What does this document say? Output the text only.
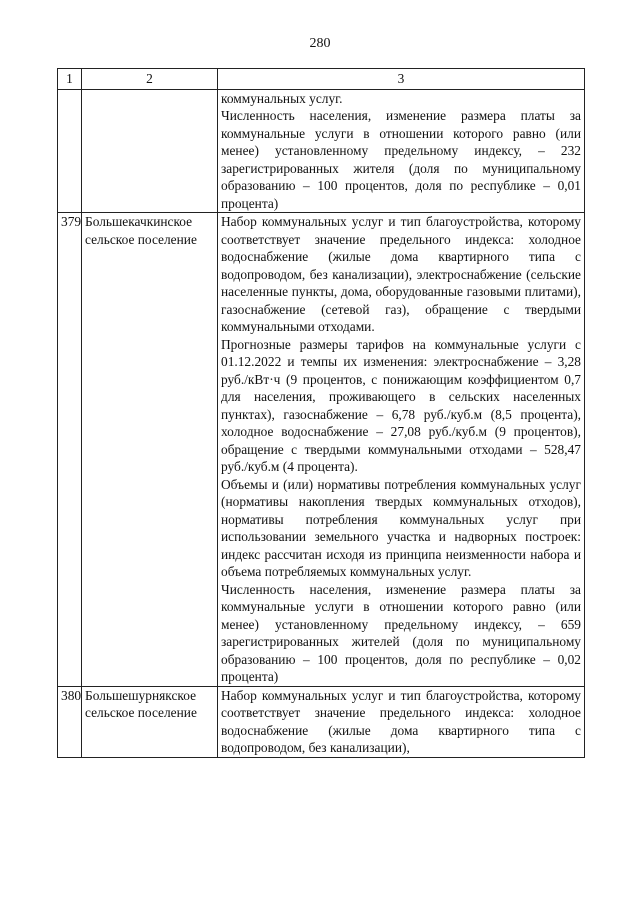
280
1	2	3

		коммунальных услуг.

Численность населения, изменение размера платы за коммунальные услуги в отношении которого равно (или менее) установленному предельному индексу, – 232 зарегистрированных жителя (доля по муниципальному образованию – 100 процентов, доля по республике – 0,01 процента)

379	Большекачкинское сельское поселение	Набор коммунальных услуг и тип благоустройства, которому соответствует значение предельного индекса: холодное водоснабжение (жилые дома квартирного типа с водопроводом, без канализации), электроснабжение (сельские населенные пункты, дома, оборудованные газовыми плитами), газоснабжение (сетевой газ), обращение с твердыми коммунальными отходами.

Прогнозные размеры тарифов на коммунальные услуги с 01.12.2022 и темпы их изменения: электроснабжение – 3,28 руб./кВт·ч (9 процентов, с понижающим коэффициентом 0,7 для населения, проживающего в сельских населенных пунктах), газоснабжение – 6,78 руб./куб.м (8,5 процента), холодное водоснабжение – 27,08 руб./куб.м (9 процентов), обращение с твердыми коммунальными отходами – 528,47 руб./куб.м (4 процента).

Объемы и (или) нормативы потребления коммунальных услуг (нормативы накопления твердых коммунальных отходов), нормативы потребления коммунальных услуг при использовании земельного участка и надворных построек: индекс рассчитан исходя из принципа неизменности набора и объема потребляемых коммунальных услуг.

Численность населения, изменение размера платы за коммунальные услуги в отношении которого равно (или менее) установленному предельному индексу, – 659 зарегистрированных жителей (доля по муниципальному образованию – 100 процентов, доля по республике – 0,02 процента)

380	Большешурнякское сельское поселение	Набор коммунальных услуг и тип благоустройства, которому соответствует значение предельного индекса: холодное водоснабжение (жилые дома квартирного типа с водопроводом, без канализации),
